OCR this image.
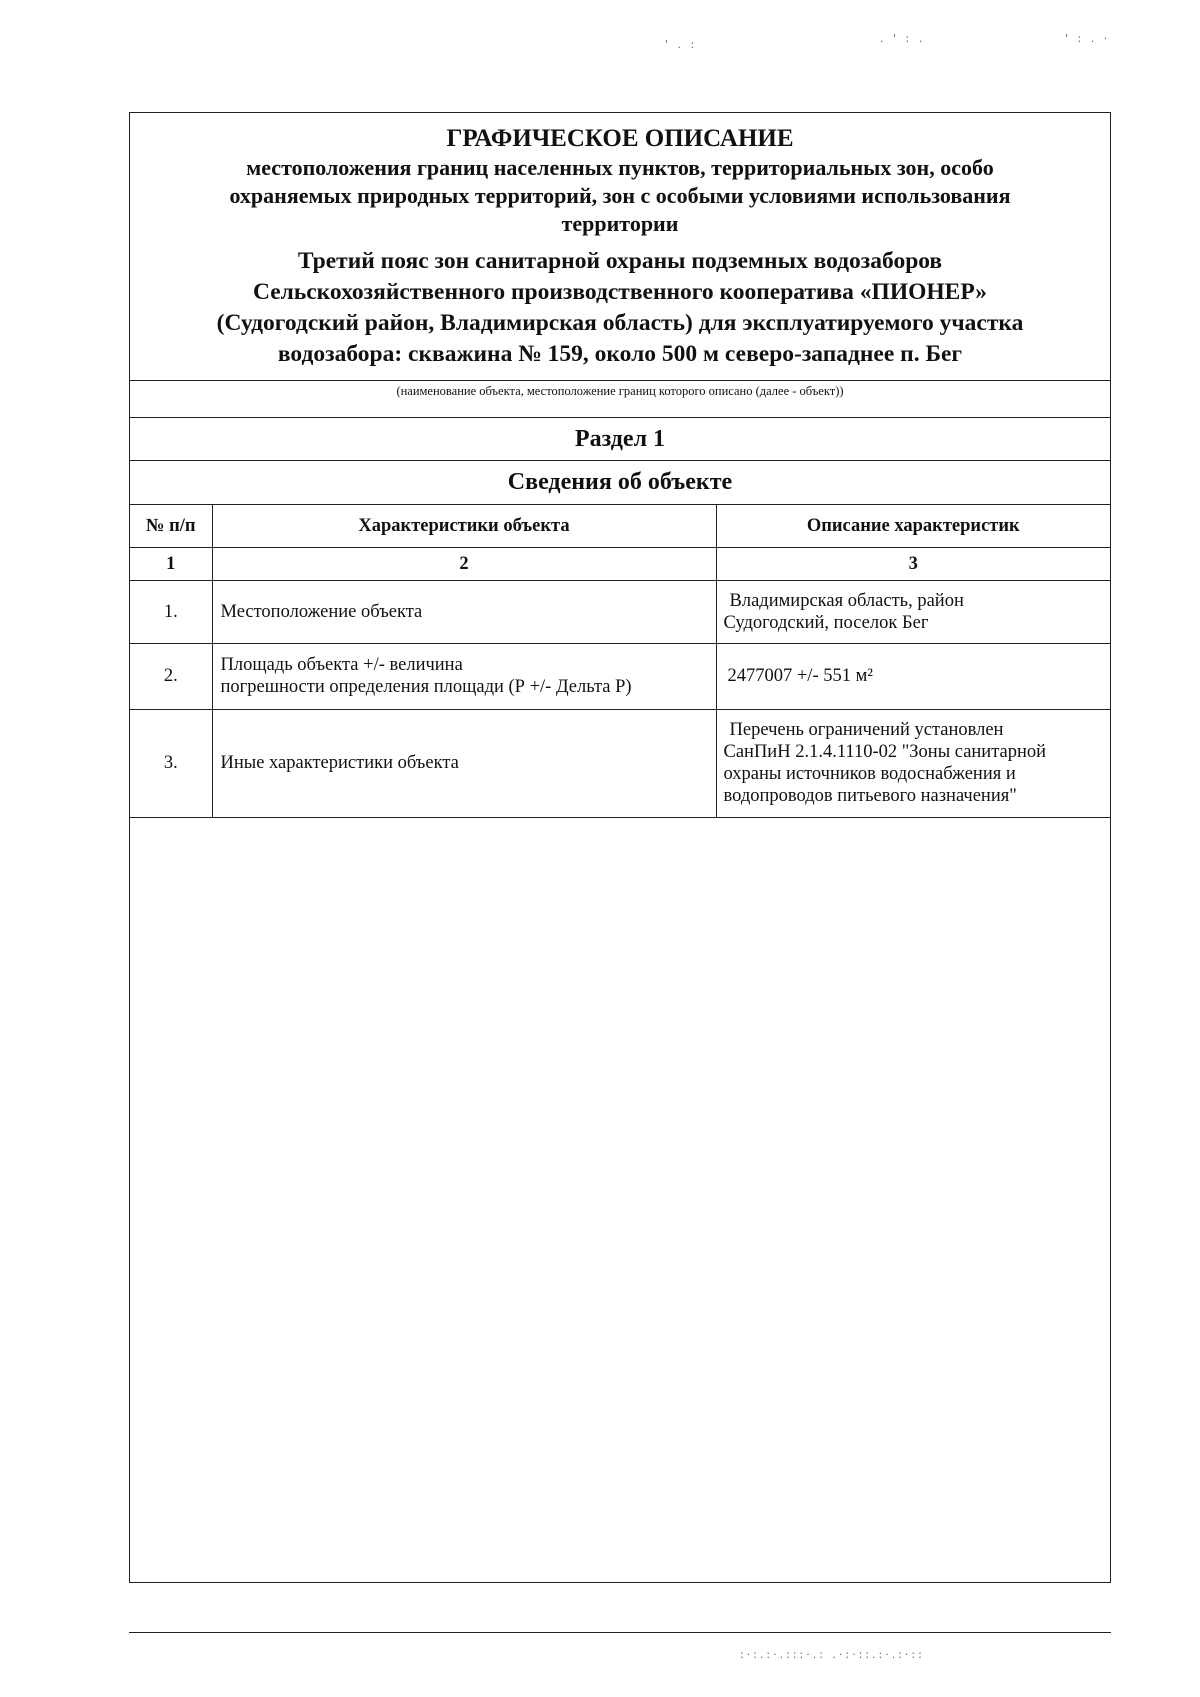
ГРАФИЧЕСКОЕ ОПИСАНИЕ
местоположения границ населенных пунктов, территориальных зон, особо
охраняемых природных территорий, зон с особыми условиями использования
территории
Третий пояс зон санитарной охраны подземных водозаборов
Сельскохозяйственного производственного кооператива «ПИОНЕР»
(Судогодский район, Владимирская область) для эксплуатируемого участка
водозабора: скважина № 159, около 500 м северо-западнее п. Бег
(наименование объекта, местоположение границ которого описано (далее - объект))
Раздел 1
Сведения об объекте
№ п/п	Характеристики объекта	Описание характеристик
1	2	3
1.	Местоположение объекта	Владимирская область, район
Судогодский, поселок Бег

2.	Площадь объекта +/- величина
погрешности определения площади (Р +/- Дельта Р)	2477007 +/- 551 м²

3.	Иные характеристики объекта	Перечень ограничений установлен
СанПиН 2.1.4.1110-02 "Зоны санитарной
охраны источников водоснабжения и
водопроводов питьевого назначения"
' . :	. ' : .	' : . ·
:·:.:·.:::·.: .·:·::.:·.:·::
